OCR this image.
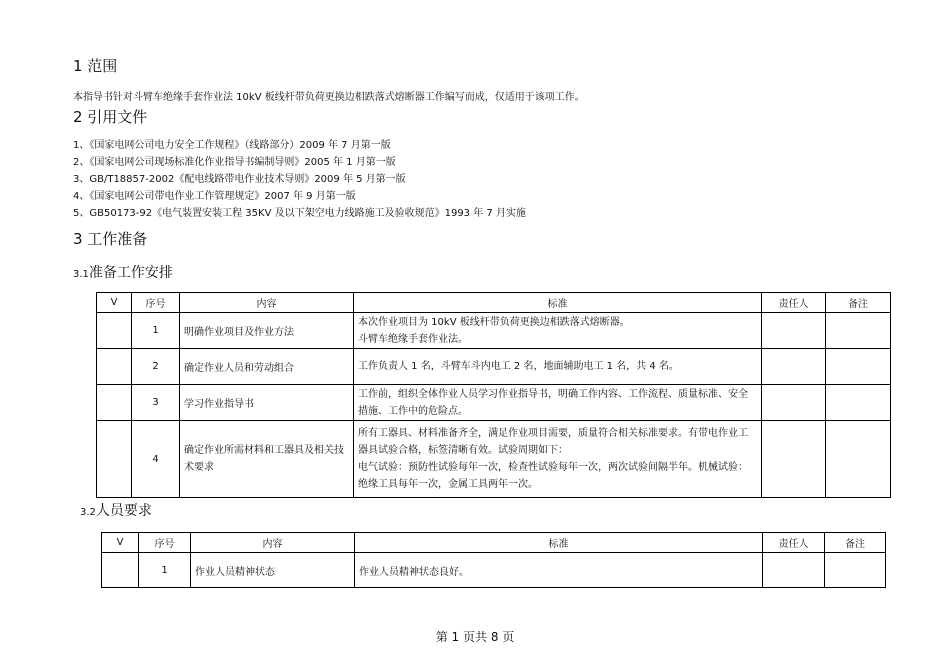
1 范围
本指导书针对斗臂车绝缘手套作业法 10kV 板线杆带负荷更换边相跌落式熔断器工作编写而成，仅适用于该项工作。
2 引用文件
1、《国家电网公司电力安全工作规程》（线路部分）2009 年 7 月第一版
2、《国家电网公司现场标准化作业指导书编制导则》2005 年 1 月第一版
3、GB/T18857-2002《配电线路带电作业技术导则》2009 年 5 月第一版
4、《国家电网公司带电作业工作管理规定》2007 年 9 月第一版
5、GB50173-92《电气装置安装工程 35KV 及以下架空电力线路施工及验收规范》1993 年 7 月实施
3 工作准备
3.1准备工作安排
V	序号	内容	标准	责任人	备注
	1	明确作业项目及作业方法	本次作业项目为 10kV 板线杆带负荷更换边相跌落式熔断器。
斗臂车绝缘手套作业法。		

	2	确定作业人员和劳动组合	工作负责人 1 名，斗臂车斗内电工 2 名，地面辅助电工 1 名，共 4 名。		

	3	学习作业指导书	工作前，组织全体作业人员学习作业指导书，明确工作内容、工作流程、质量标准、安全措施、工作中的危险点。		

	4	确定作业所需材料和工器具及相关技术要求	所有工器具、材料准备齐全，满足作业项目需要，质量符合相关标准要求。有带电作业工器具试验合格，标签清晰有效。试验周期如下：
电气试验：预防性试验每年一次，检查性试验每年一次，两次试验间隔半年。机械试验：绝缘工具每年一次，金属工具两年一次。		

3.2人员要求
V	序号	内容	标准	责任人	备注
	1	作业人员精神状态	作业人员精神状态良好。		
第 1 页共 8 页
